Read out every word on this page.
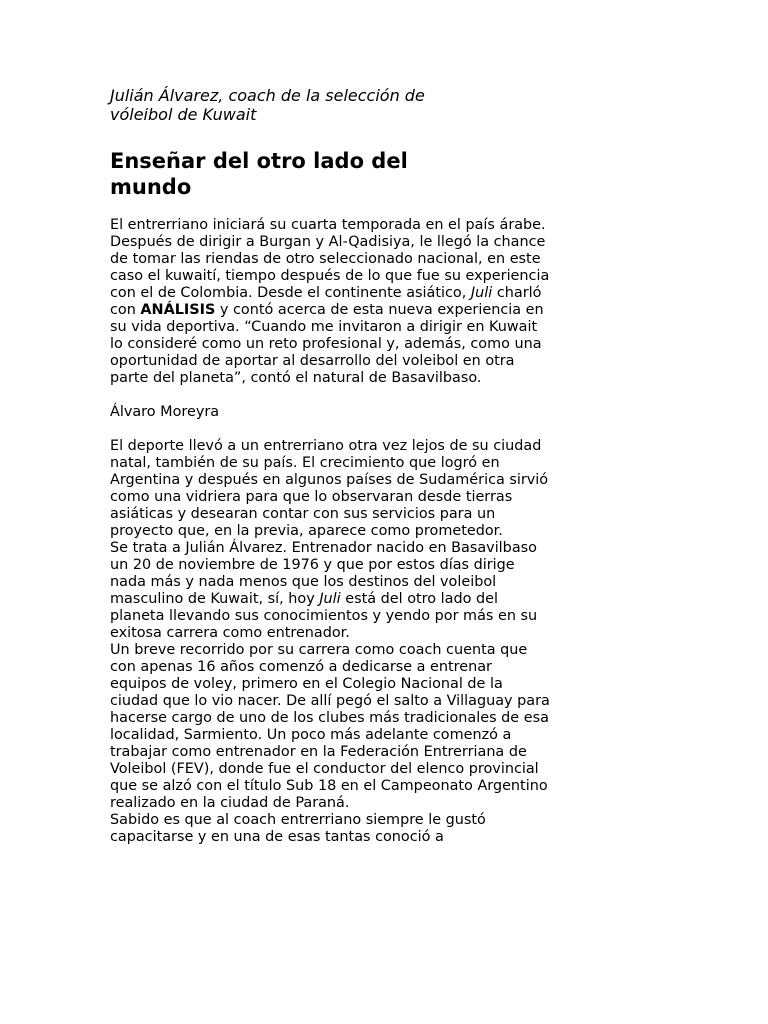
Julián Álvarez, coach de la selección de
vóleibol de Kuwait
Enseñar del otro lado del
mundo

El entrerriano iniciará su cuarta temporada en el país árabe. Después de dirigir a Burgan y Al-Qadisiya, le llegó la chance de tomar las riendas de otro seleccionado nacional, en este caso el kuwaití, tiempo después de lo que fue su experiencia con el de Colombia. Desde el continente asiático, Juli charló con ANÁLISIS y contó acerca de esta nueva experiencia en su vida deportiva. “Cuando me invitaron a dirigir en Kuwait lo consideré como un reto profesional y, además, como una oportunidad de aportar al desarrollo del voleibol en otra parte del planeta”, contó el natural de Basavilbaso.

Álvaro Moreyra

El deporte llevó a un entrerriano otra vez lejos de su ciudad natal, también de su país. El crecimiento que logró en Argentina y después en algunos países de Sudamérica sirvió como una vidriera para que lo observaran desde tierras asiáticas y desearan contar con sus servicios para un proyecto que, en la previa, aparece como prometedor.

Se trata a Julián Álvarez. Entrenador nacido en Basavilbaso un 20 de noviembre de 1976 y que por estos días dirige nada más y nada menos que los destinos del voleibol masculino de Kuwait, sí, hoy Juli está del otro lado del planeta llevando sus conocimientos y yendo por más en su exitosa carrera como entrenador.

Un breve recorrido por su carrera como coach cuenta que con apenas 16 años comenzó a dedicarse a entrenar equipos de voley, primero en el Colegio Nacional de la ciudad que lo vio nacer. De allí pegó el salto a Villaguay para hacerse cargo de uno de los clubes más tradicionales de esa localidad, Sarmiento. Un poco más adelante comenzó a trabajar como entrenador en la Federación Entrerriana de Voleibol (FEV), donde fue el conductor del elenco provincial que se alzó con el título Sub 18 en el Campeonato Argentino realizado en la ciudad de Paraná.

Sabido es que al coach entrerriano siempre le gustó capacitarse y en una de esas tantas conoció a
